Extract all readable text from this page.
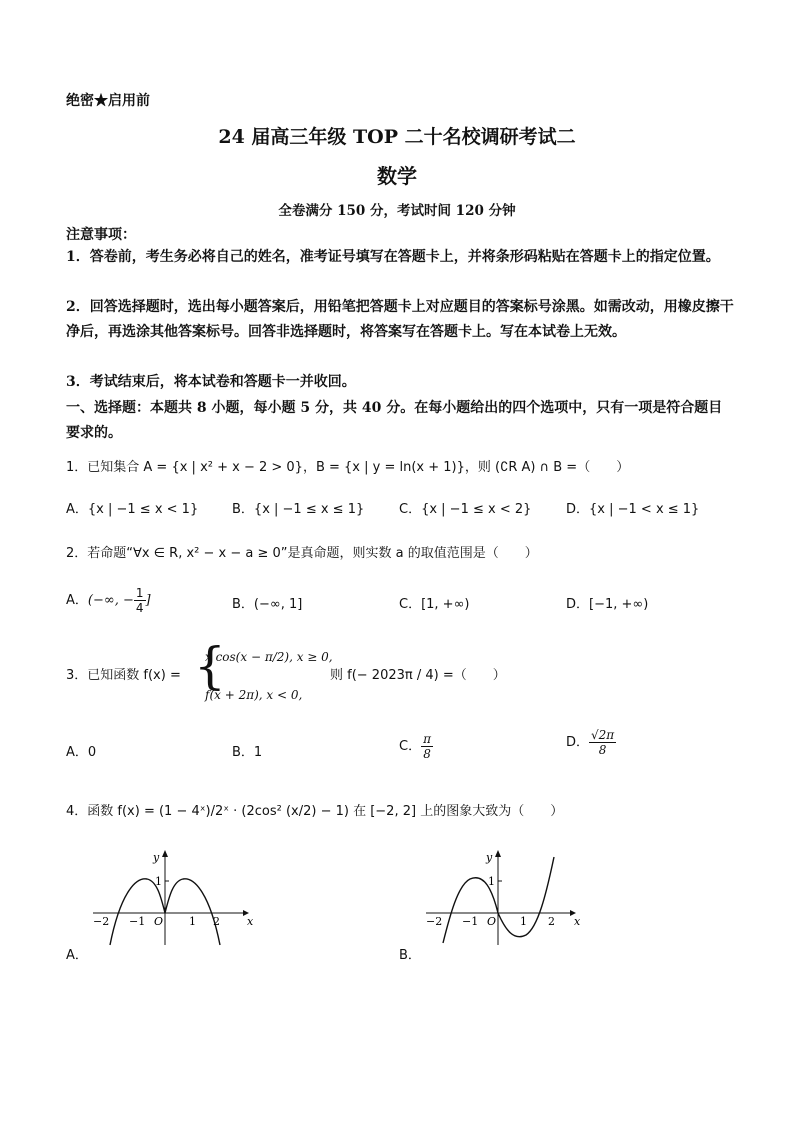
绝密★启用前
24 届高三年级 TOP 二十名校调研考试二
数学
全卷满分 150 分，考试时间 120 分钟
注意事项：
1．答卷前，考生务必将自己的姓名，准考证号填写在答题卡上，并将条形码粘贴在答题卡上的指定位置。
2．回答选择题时，选出每小题答案后，用铅笔把答题卡上对应题目的答案标号涂黑。如需改动，用橡皮擦干净后，再选涂其他答案标号。回答非选择题时，将答案写在答题卡上。写在本试卷上无效。
3．考试结束后，将本试卷和答题卡一并收回。
一、选择题：本题共 8 小题，每小题 5 分，共 40 分。在每小题给出的四个选项中，只有一项是符合题目要求的。
1．已知集合 A = {x | x² + x − 2 > 0}，B = {x | y = ln(x + 1)}，则 (∁R A) ∩ B =（　　）
A．{x | −1 ≤ x < 1}	B．{x | −1 ≤ x ≤ 1}	C．{x | −1 ≤ x < 2}	D．{x | −1 < x ≤ 1}
2．若命题“∀x ∈ R, x² − x − a ≥ 0”是真命题，则实数 a 的取值范围是（　　）
A．(−∞, − $\frac{1}{4}$ ]	B．(−∞, 1]	C．[1, +∞)	D．[−1, +∞)
3．已知函数 f(x) = {
x cos(x − π/2), x ≥ 0,
f(x + 2π), x < 0,
则 f(− 2023π / 4) =（　　）
A．0	B．1	C． $\frac{\pi}{8}$	D． $\frac{√2\pi}{8}$
4．函数 f(x) = (1 − 4ˣ)/2ˣ · (2cos² (x/2) − 1) 在 [−2, 2] 上的图象大致为（　　）
y
x
1
O
−2 −1	1 2
A．
y
x
1
O
−2 −1	1 2
B．
